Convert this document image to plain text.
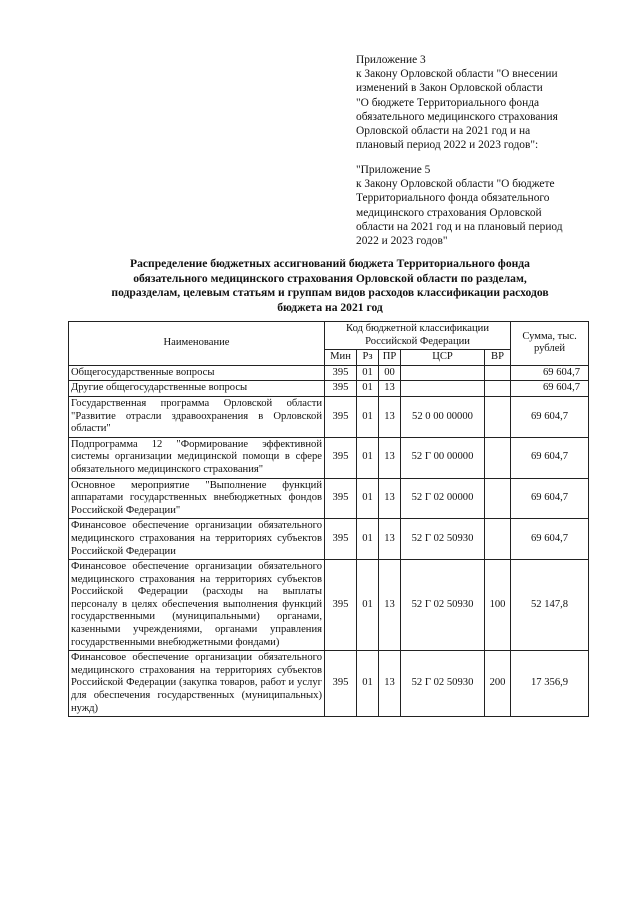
Приложение 3
к Закону Орловской области "О внесении
изменений в Закон Орловской области
"О бюджете Территориального фонда
обязательного медицинского страхования
Орловской области на 2021 год и на
плановый период 2022 и 2023 годов":
"Приложение 5
к Закону Орловской области "О бюджете
Территориального фонда обязательного
медицинского страхования Орловской
области на 2021 год и на плановый период
2022 и 2023 годов"
Распределение бюджетных ассигнований бюджета Территориального фонда
обязательного медицинского страхования Орловской области по разделам,
подразделам, целевым статьям и группам видов расходов классификации расходов
бюджета на 2021 год
Наименование	Код бюджетной классификации Российской Федерации					Сумма, тыс. рублей
	Мин	Рз	ПР	ЦСР	ВР	
Общегосударственные вопросы	395	01	00			69 604,7
Другие общегосударственные вопросы	395	01	13			69 604,7
Государственная программа Орловской области "Развитие отрасли здравоохранения в Орловской области"	395	01	13	52 0 00 00000		69 604,7
Подпрограмма 12 "Формирование эффективной системы организации медицинской помощи в сфере обязательного медицинского страхования"	395	01	13	52 Г 00 00000		69 604,7
Основное мероприятие "Выполнение функций аппаратами государственных внебюджетных фондов Российской Федерации"	395	01	13	52 Г 02 00000		69 604,7
Финансовое обеспечение организации обязательного медицинского страхования на территориях субъектов Российской Федерации	395	01	13	52 Г 02 50930		69 604,7
Финансовое обеспечение организации обязательного медицинского страхования на территориях субъектов Российской Федерации (расходы на выплаты персоналу в целях обеспечения выполнения функций государственными (муниципальными) органами, казенными учреждениями, органами управления государственными внебюджетными фондами)	395	01	13	52 Г 02 50930	100	52 147,8
Финансовое обеспечение организации обязательного медицинского страхования на территориях субъектов Российской Федерации (закупка товаров, работ и услуг для обеспечения государственных (муниципальных) нужд)	395	01	13	52 Г 02 50930	200	17 356,9
